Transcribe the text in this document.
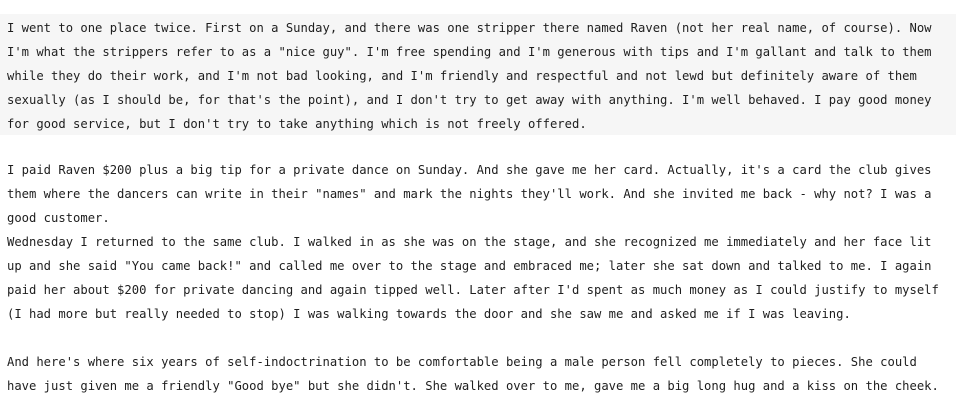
I went to one place twice. First on a Sunday, and there was one stripper there named Raven (not her real name, of course). Now I'm what the strippers refer to as a "nice guy". I'm free spending and I'm generous with tips and I'm gallant and talk to them while they do their work, and I'm not bad looking, and I'm friendly and respectful and not lewd but definitely aware of them sexually (as I should be, for that's the point), and I don't try to get away with anything. I'm well behaved. I pay good money for good service, but I don't try to take anything which is not freely offered.
I paid Raven $200 plus a big tip for a private dance on Sunday. And she gave me her card. Actually, it's a card the club gives them where the dancers can write in their "names" and mark the nights they'll work. And she invited me back - why not? I was a good customer.
Wednesday I returned to the same club. I walked in as she was on the stage, and she recognized me immediately and her face lit up and she said "You came back!" and called me over to the stage and embraced me; later she sat down and talked to me. I again paid her about $200 for private dancing and again tipped well. Later after I'd spent as much money as I could justify to myself (I had more but really needed to stop) I was walking towards the door and she saw me and asked me if I was leaving.
And here's where six years of self-indoctrination to be comfortable being a male person fell completely to pieces. She could have just given me a friendly "Good bye" but she didn't. She walked over to me, gave me a big long hug and a kiss on the cheek.
